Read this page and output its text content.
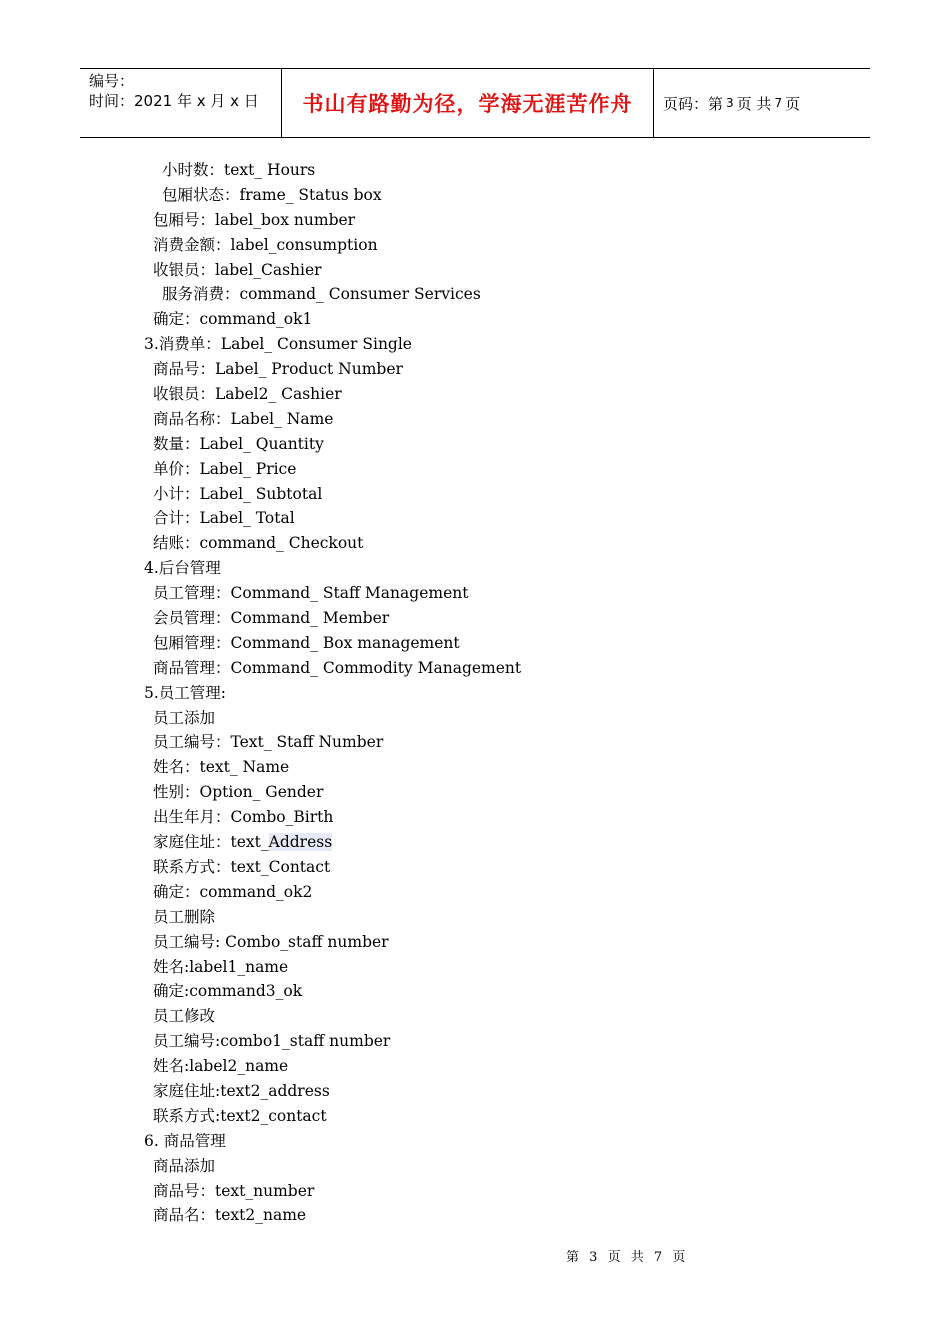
编号：
时间：2021 年 x 月 x 日	书山有路勤为径，学海无涯苦作舟 页码：第 3 页 共 7 页
小时数：text_ Hours
包厢状态：frame_ Status box
包厢号：label_box number
消费金额：label_consumption
收银员：label_Cashier
服务消费：command_ Consumer Services
确定：command_ok1
3.消费单：Label_ Consumer Single
商品号：Label_ Product Number
收银员：Label2_ Cashier
商品名称：Label_ Name
数量：Label_ Quantity
单价：Label_ Price
小计：Label_ Subtotal
合计：Label_ Total
结账：command_ Checkout
4.后台管理
员工管理：Command_ Staff Management
会员管理：Command_ Member
包厢管理：Command_ Box management
商品管理：Command_ Commodity Management
5.员工管理:
员工添加
员工编号：Text_ Staff Number
姓名：text_ Name
性别：Option_ Gender
出生年月：Combo_Birth
家庭住址：text_Address
联系方式：text_Contact
确定：command_ok2
员工删除
员工编号: Combo_staff number
姓名:label1_name
确定:command3_ok
员工修改
员工编号:combo1_staff number
姓名:label2_name
家庭住址:text2_address
联系方式:text2_contact
6. 商品管理
商品添加
商品号：text_number
商品名：text2_name
第 3 页 共 7 页
